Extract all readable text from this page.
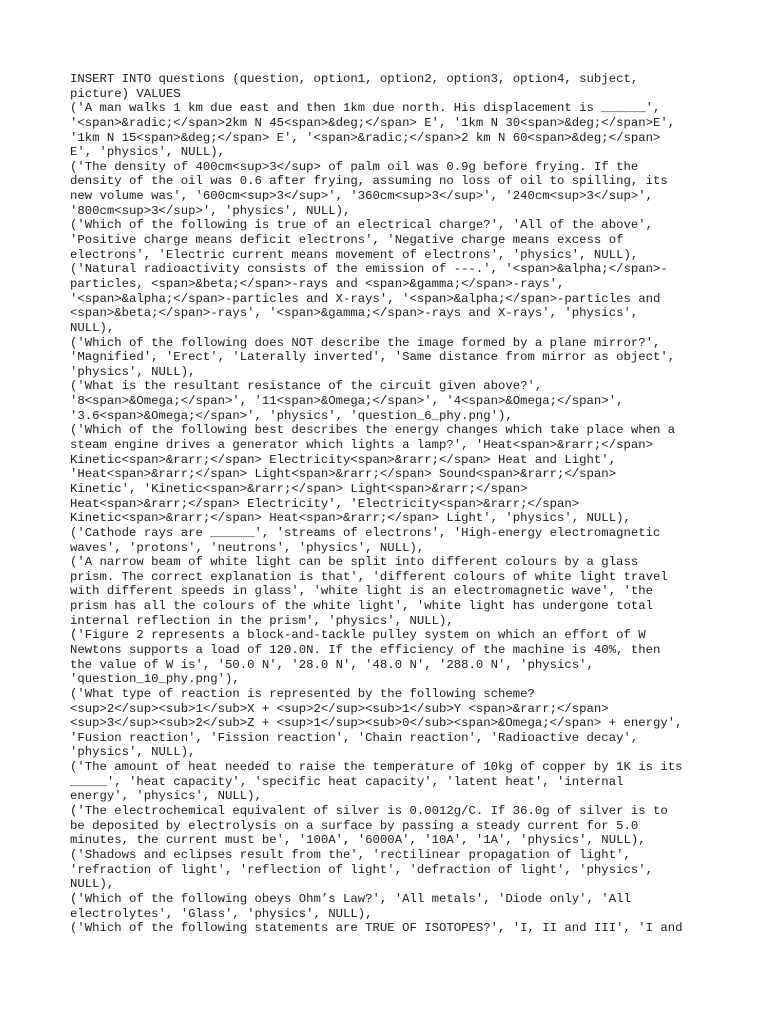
INSERT INTO questions (question, option1, option2, option3, option4, subject,
picture) VALUES
('A man walks 1 km due east and then 1km due north. His displacement is ______',
'<span>&radic;</span>2km N 45<span>&deg;</span> E', '1km N 30<span>&deg;</span>E',
'1km N 15<span>&deg;</span> E', '<span>&radic;</span>2 km N 60<span>&deg;</span>
E', 'physics', NULL),
('The density of 400cm<sup>3</sup> of palm oil was 0.9g before frying. If the
density of the oil was 0.6 after frying, assuming no loss of oil to spilling, its
new volume was', '600cm<sup>3</sup>', '360cm<sup>3</sup>', '240cm<sup>3</sup>',
'800cm<sup>3</sup>', 'physics', NULL),
('Which of the following is true of an electrical charge?', 'All of the above',
'Positive charge means deficit electrons', 'Negative charge means excess of
electrons', 'Electric current means movement of electrons', 'physics', NULL),
('Natural radioactivity consists of the emission of ---.', '<span>&alpha;</span>-
particles, <span>&beta;</span>-rays and <span>&gamma;</span>-rays',
'<span>&alpha;</span>-particles and X-rays', '<span>&alpha;</span>-particles and
<span>&beta;</span>-rays', '<span>&gamma;</span>-rays and X-rays', 'physics',
NULL),
('Which of the following does NOT describe the image formed by a plane mirror?',
'Magnified', 'Erect', 'Laterally inverted', 'Same distance from mirror as object',
'physics', NULL),
('What is the resultant resistance of the circuit given above?',
'8<span>&Omega;</span>', '11<span>&Omega;</span>', '4<span>&Omega;</span>',
'3.6<span>&Omega;</span>', 'physics', 'question_6_phy.png'),
('Which of the following best describes the energy changes which take place when a
steam engine drives a generator which lights a lamp?', 'Heat<span>&rarr;</span>
Kinetic<span>&rarr;</span> Electricity<span>&rarr;</span> Heat and Light',
'Heat<span>&rarr;</span> Light<span>&rarr;</span> Sound<span>&rarr;</span>
Kinetic', 'Kinetic<span>&rarr;</span> Light<span>&rarr;</span>
Heat<span>&rarr;</span> Electricity', 'Electricity<span>&rarr;</span>
Kinetic<span>&rarr;</span> Heat<span>&rarr;</span> Light', 'physics', NULL),
('Cathode rays are ______', 'streams of electrons', 'High-energy electromagnetic
waves', 'protons', 'neutrons', 'physics', NULL),
('A narrow beam of white light can be split into different colours by a glass
prism. The correct explanation is that', 'different colours of white light travel
with different speeds in glass', 'white light is an electromagnetic wave', 'the
prism has all the colours of the white light', 'white light has undergone total
internal reflection in the prism', 'physics', NULL),
('Figure 2 represents a block-and-tackle pulley system on which an effort of W
Newtons supports a load of 120.0N. If the efficiency of the machine is 40%, then
the value of W is', '50.0 N', '28.0 N', '48.0 N', '288.0 N', 'physics',
'question_10_phy.png'),
('What type of reaction is represented by the following scheme?
<sup>2</sup><sub>1</sub>X + <sup>2</sup><sub>1</sub>Y <span>&rarr;</span>
<sup>3</sup><sub>2</sub>Z + <sup>1</sup><sub>0</sub><span>&Omega;</span> + energy',
'Fusion reaction', 'Fission reaction', 'Chain reaction', 'Radioactive decay',
'physics', NULL),
('The amount of heat needed to raise the temperature of 10kg of copper by 1K is its
_____', 'heat capacity', 'specific heat capacity', 'latent heat', 'internal
energy', 'physics', NULL),
('The electrochemical equivalent of silver is 0.0012g/C. If 36.0g of silver is to
be deposited by electrolysis on a surface by passing a steady current for 5.0
minutes, the current must be', '100A', '6000A', '10A', '1A', 'physics', NULL),
('Shadows and eclipses result from the', 'rectilinear propagation of light',
'refraction of light', 'reflection of light', 'defraction of light', 'physics',
NULL),
('Which of the following obeys Ohm’s Law?', 'All metals', 'Diode only', 'All
electrolytes', 'Glass', 'physics', NULL),
('Which of the following statements are TRUE OF ISOTOPES?', 'I, II and III', 'I and
